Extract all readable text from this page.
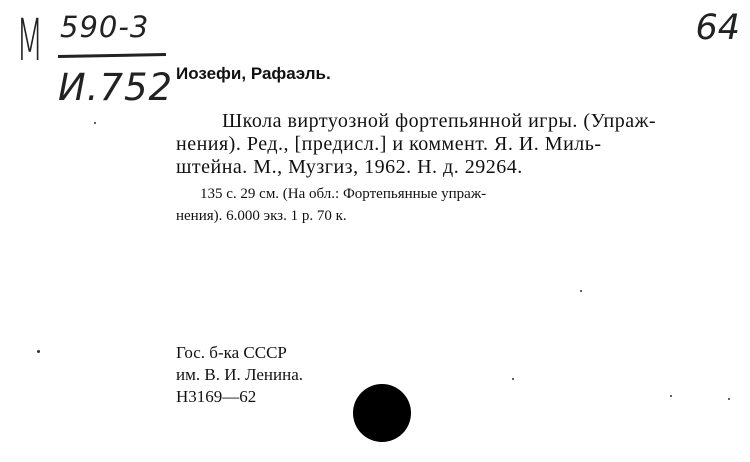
М 590-3
И.752
64
Иозефи, Рафаэль.

Школа виртуозной фортепьянной игры. (Упраж-

нения). Ред., [предисл.] и коммент. Я. И. Миль-

штейна. М., Музгиз, 1962. Н. д. 29264.

135 с. 29 см. (На обл.: Фортепьянные упраж-

нения). 6.000 экз. 1 р. 70 к.

Гос. б-ка СССР

им. В. И. Ленина.

Н3169—62
